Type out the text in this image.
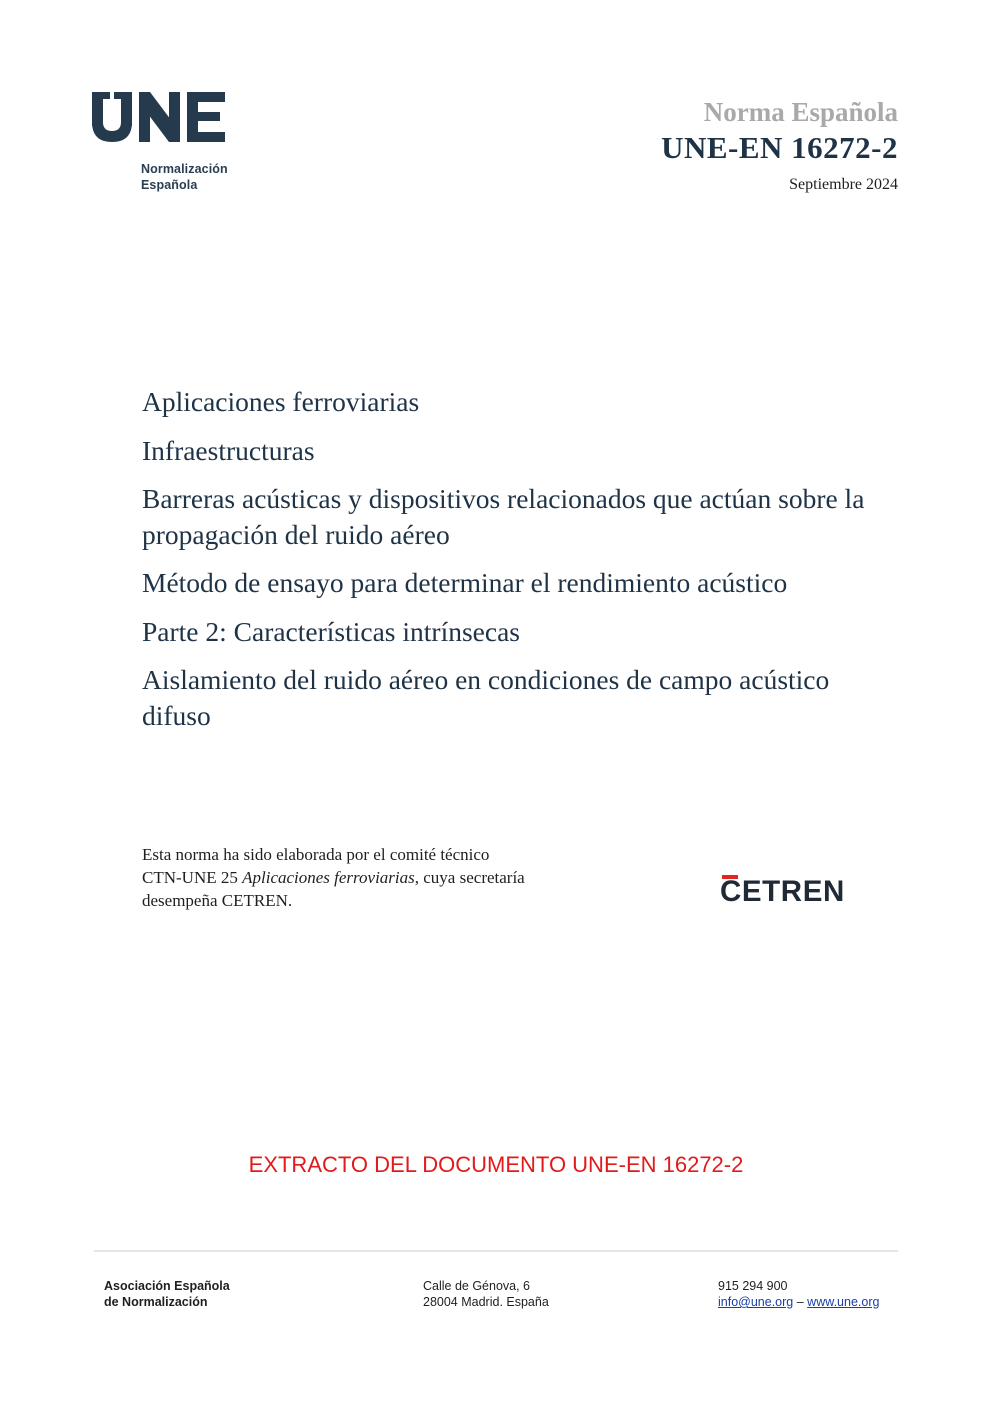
Normalización
Española
Norma Española
UNE-EN 16272-2
Septiembre 2024
Aplicaciones ferroviarias
Infraestructuras
Barreras acústicas y dispositivos relacionados que actúan sobre la propagación del ruido aéreo
Método de ensayo para determinar el rendimiento acústico
Parte 2: Características intrínsecas
Aislamiento del ruido aéreo en condiciones de campo acústico difuso
Esta norma ha sido elaborada por el comité técnico
CTN-UNE 25 Aplicaciones ferroviarias, cuya secretaría
desempeña CETREN.	CETREN
EXTRACTO DEL DOCUMENTO UNE-EN 16272-2
Asociación Española
de Normalización
Calle de Génova, 6
28004 Madrid. España
915 294 900
info@une.org – www.une.org
